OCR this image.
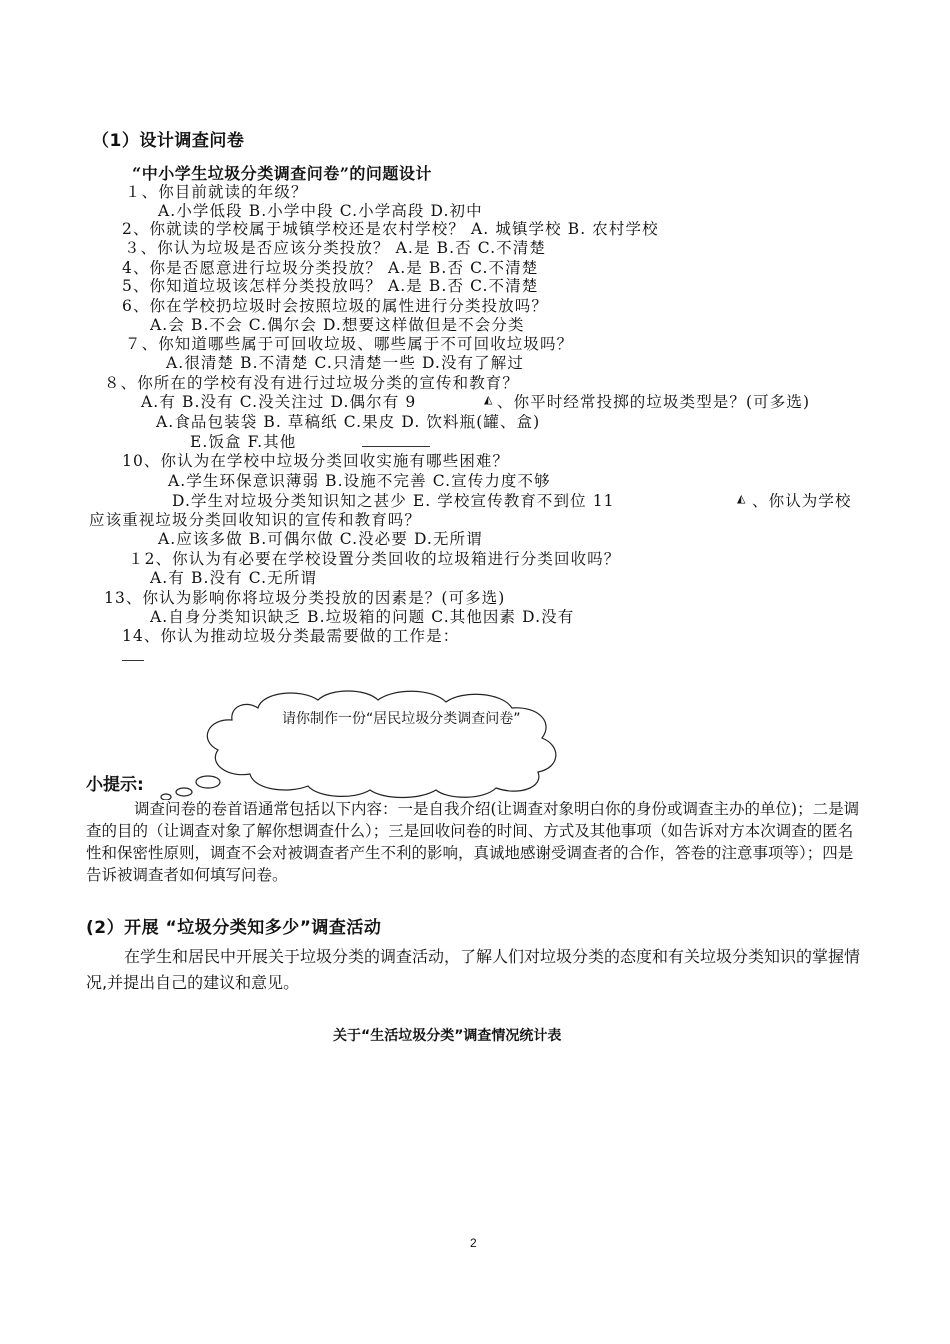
（1）设计调查问卷
“中小学生垃圾分类调查问卷”的问题设计
１、你目前就读的年级？
A.小学低段 B.小学中段 C.小学高段 D.初中
2、你就读的学校属于城镇学校还是农村学校？ A. 城镇学校 B. 农村学校
３、你认为垃圾是否应该分类投放？ A.是 B.否 C.不清楚
4、你是否愿意进行垃圾分类投放？ A.是 B.否 C.不清楚
5、你知道垃圾该怎样分类投放吗？ A.是 B.否 C.不清楚
6、你在学校扔垃圾时会按照垃圾的属性进行分类投放吗？
A.会 B.不会 C.偶尔会 D.想要这样做但是不会分类
７、你知道哪些属于可回收垃圾、哪些属于不可回收垃圾吗？
A.很清楚 B.不清楚 C.只清楚一些 D.没有了解过
８、你所在的学校有没有进行过垃圾分类的宣传和教育？
A.有 B.没有 C.没关注过 D.偶尔有 9	◭ 、你平时经常投掷的垃圾类型是？(可多选)
A.食品包装袋 B. 草稿纸 C.果皮 D. 饮料瓶(罐、盒)
E.饭盒 F.其他
10、你认为在学校中垃圾分类回收实施有哪些困难？
A.学生环保意识薄弱 B.设施不完善 C.宣传力度不够
D.学生对垃圾分类知识知之甚少 E. 学校宣传教育不到位 11	◭ 、你认为学校
应该重视垃圾分类回收知识的宣传和教育吗？
A.应该多做 B.可偶尔做 C.没必要 D.无所谓
１2、你认为有必要在学校设置分类回收的垃圾箱进行分类回收吗？
A.有 B.没有 C.无所谓
13、你认为影响你将垃圾分类投放的因素是？(可多选)
A.自身分类知识缺乏 B.垃圾箱的问题 C.其他因素 D.没有
14、你认为推动垃圾分类最需要做的工作是：
请你制作一份“居民垃圾分类调查问卷”
小提示:

调查问卷的卷首语通常包括以下内容：一是自我介绍(让调查对象明白你的身份或调查主办的单位)；二是调查的目的（让调查对象了解你想调查什么）；三是回收问卷的时间、方式及其他事项（如告诉对方本次调查的匿名性和保密性原则，调查不会对被调查者产生不利的影响，真诚地感谢受调查者的合作，答卷的注意事项等）；四是告诉被调查者如何填写问卷。

(2）开展 “垃圾分类知多少”调查活动

在学生和居民中开展关于垃圾分类的调查活动，了解人们对垃圾分类的态度和有关垃圾分类知识的掌握情况,并提出自己的建议和意见。

关于“生活垃圾分类”调查情况统计表
2
